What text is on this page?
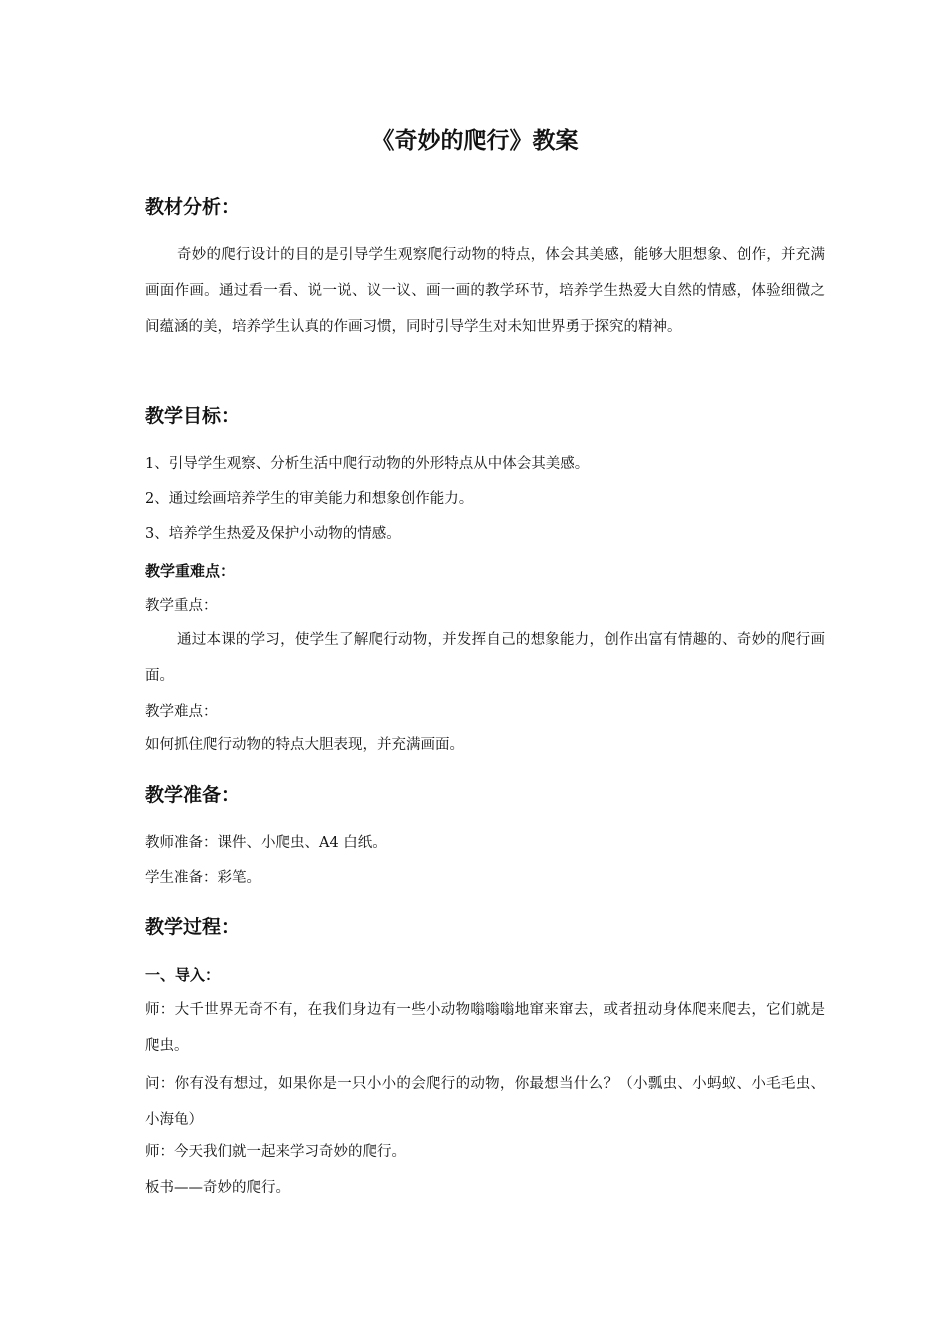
《奇妙的爬行》教案
教材分析：
奇妙的爬行设计的目的是引导学生观察爬行动物的特点，体会其美感，能够大胆想象、创作，并充满画面作画。通过看一看、说一说、议一议、画一画的教学环节，培养学生热爱大自然的情感，体验细微之间蕴涵的美，培养学生认真的作画习惯，同时引导学生对未知世界勇于探究的精神。
教学目标：
1、引导学生观察、分析生活中爬行动物的外形特点从中体会其美感。
2、通过绘画培养学生的审美能力和想象创作能力。
3、培养学生热爱及保护小动物的情感。
教学重难点：
教学重点：
通过本课的学习，使学生了解爬行动物，并发挥自己的想象能力，创作出富有情趣的、奇妙的爬行画面。
教学难点：
如何抓住爬行动物的特点大胆表现，并充满画面。
教学准备：
教师准备：课件、小爬虫、A4 白纸。
学生准备：彩笔。
教学过程：
一、导入：
师：大千世界无奇不有，在我们身边有一些小动物嗡嗡嗡地窜来窜去，或者扭动身体爬来爬去，它们就是爬虫。
问：你有没有想过，如果你是一只小小的会爬行的动物，你最想当什么？（小瓢虫、小蚂蚁、小毛毛虫、小海龟）
师：今天我们就一起来学习奇妙的爬行。
板书——奇妙的爬行。
